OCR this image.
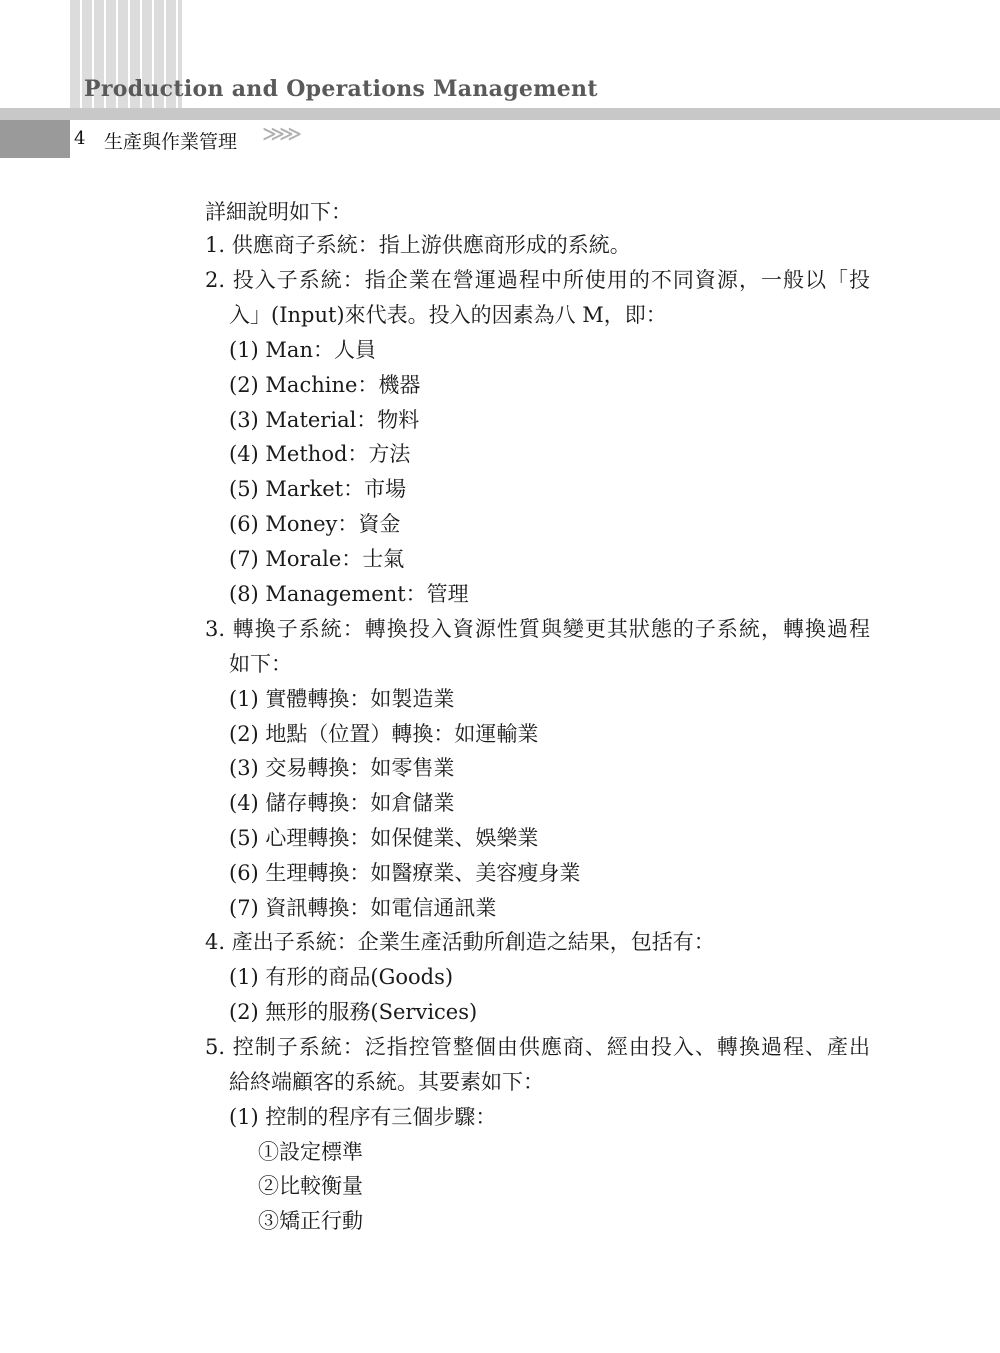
Production and Operations Management
4 生產與作業管理 ≫≫
詳細說明如下：
1. 供應商子系統：指上游供應商形成的系統。
2. 投入子系統：指企業在營運過程中所使用的不同資源，一般以「投
入」(Input)來代表。投入的因素為八 M，即：
(1) Man：人員
(2) Machine：機器
(3) Material：物料
(4) Method：方法
(5) Market：市場
(6) Money：資金
(7) Morale：士氣
(8) Management：管理
3. 轉換子系統：轉換投入資源性質與變更其狀態的子系統，轉換過程
如下：
(1) 實體轉換：如製造業
(2) 地點（位置）轉換：如運輸業
(3) 交易轉換：如零售業
(4) 儲存轉換：如倉儲業
(5) 心理轉換：如保健業、娛樂業
(6) 生理轉換：如醫療業、美容瘦身業
(7) 資訊轉換：如電信通訊業
4. 產出子系統：企業生產活動所創造之結果，包括有：
(1) 有形的商品(Goods)
(2) 無形的服務(Services)
5. 控制子系統：泛指控管整個由供應商、經由投入、轉換過程、產出
給終端顧客的系統。其要素如下：
(1) 控制的程序有三個步驟：
①設定標準
②比較衡量
③矯正行動
